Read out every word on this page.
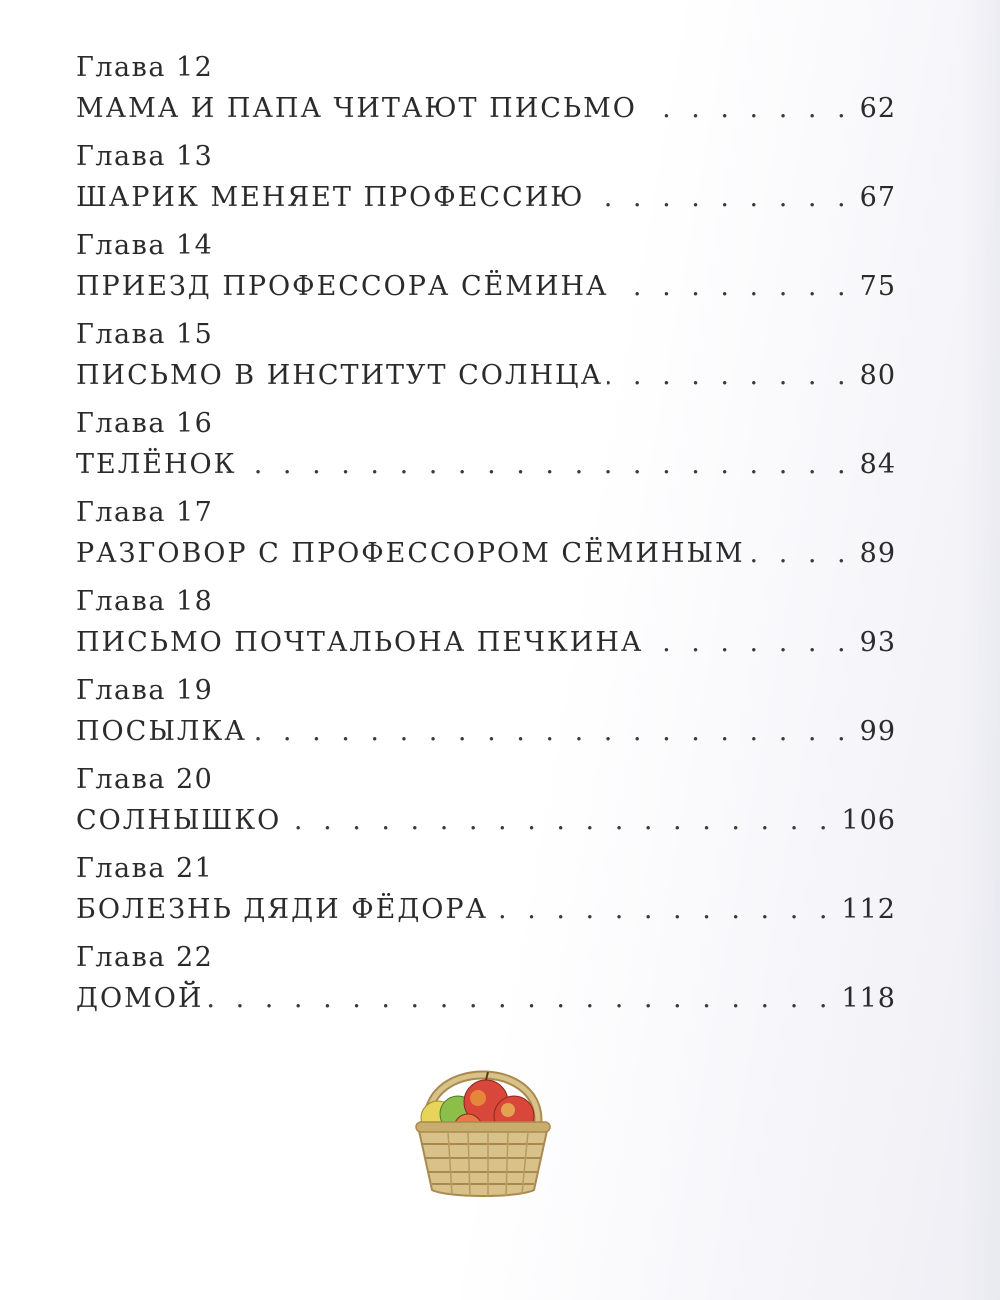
Глава 12
МАМА И ПАПА ЧИТАЮТ ПИСЬМО . . .	62
Глава 13
ШАРИК МЕНЯЕТ ПРОФЕССИЮ . . .	67
Глава 14
ПРИЕЗД ПРОФЕССОРА СЁМИНА . . .	75
Глава 15
ПИСЬМО В ИНСТИТУТ СОЛНЦА . . .	80
Глава 16
ТЕЛЁНОК . . .	84
Глава 17
РАЗГОВОР С ПРОФЕССОРОМ СЁМИНЫМ . . .	89
Глава 18
ПИСЬМО ПОЧТАЛЬОНА ПЕЧКИНА . . .	93
Глава 19
ПОСЫЛКА . . .	99
Глава 20
СОЛНЫШКО . . .	106
Глава 21
БОЛЕЗНЬ ДЯДИ ФЁДОРА . . .	112
Глава 22
ДОМОЙ . . .	118
